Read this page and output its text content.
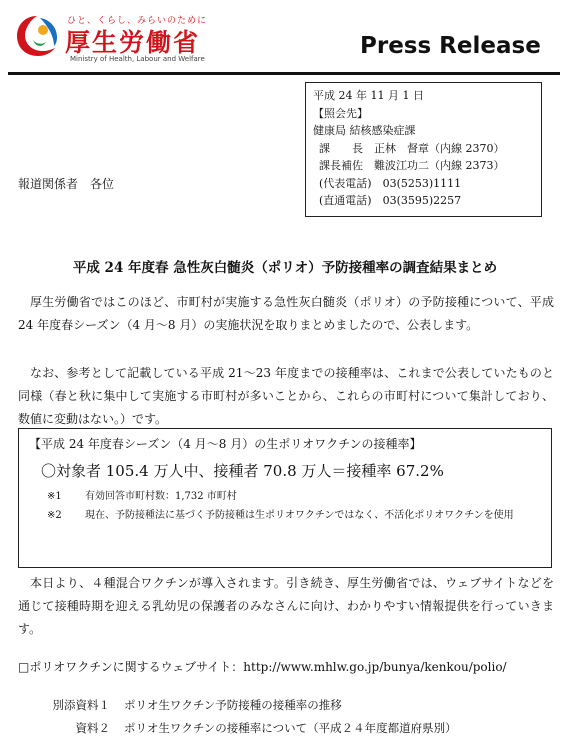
ひと、くらし、みらいのために
厚生労働省
Ministry of Health, Labour and Welfare	Press Release
平成 24 年 11 月 1 日
【照会先】
健康局 結核感染症課
課　　長　正林　督章（内線 2370）
課長補佐　難波江功二（内線 2373）
(代表電話)　03(5253)1111
(直通電話)　03(3595)2257
報道関係者　各位
平成 24 年度春 急性灰白髄炎（ポリオ）予防接種率の調査結果まとめ
厚生労働省ではこのほど、市町村が実施する急性灰白髄炎（ポリオ）の予防接種について、平成 24 年度春シーズン（4 月～8 月）の実施状況を取りまとめましたので、公表します。
なお、参考として記載している平成 21～23 年度までの接種率は、これまで公表していたものと同様（春と秋に集中して実施する市町村が多いことから、これらの市町村について集計しており、数値に変動はない。）です。
【平成 24 年度春シーズン（4 月～8 月）の生ポリオワクチンの接種率】
〇対象者 105.4 万人中、接種者 70.8 万人＝接種率 67.2%
※1	有効回答市町村数：1,732 市町村
※2	現在、予防接種法に基づく予防接種は生ポリオワクチンではなく、不活化ポリオワクチンを使用
本日より、４種混合ワクチンが導入されます。引き続き、厚生労働省では、ウェブサイトなどを通じて接種時期を迎える乳幼児の保護者のみなさんに向け、わかりやすい情報提供を行っていきます。
□ポリオワクチンに関するウェブサイト：http://www.mhlw.go.jp/bunya/kenkou/polio/
別添資料１	ポリオ生ワクチン予防接種の接種率の推移
資料２	ポリオ生ワクチンの接種率について（平成２４年度都道府県別）
